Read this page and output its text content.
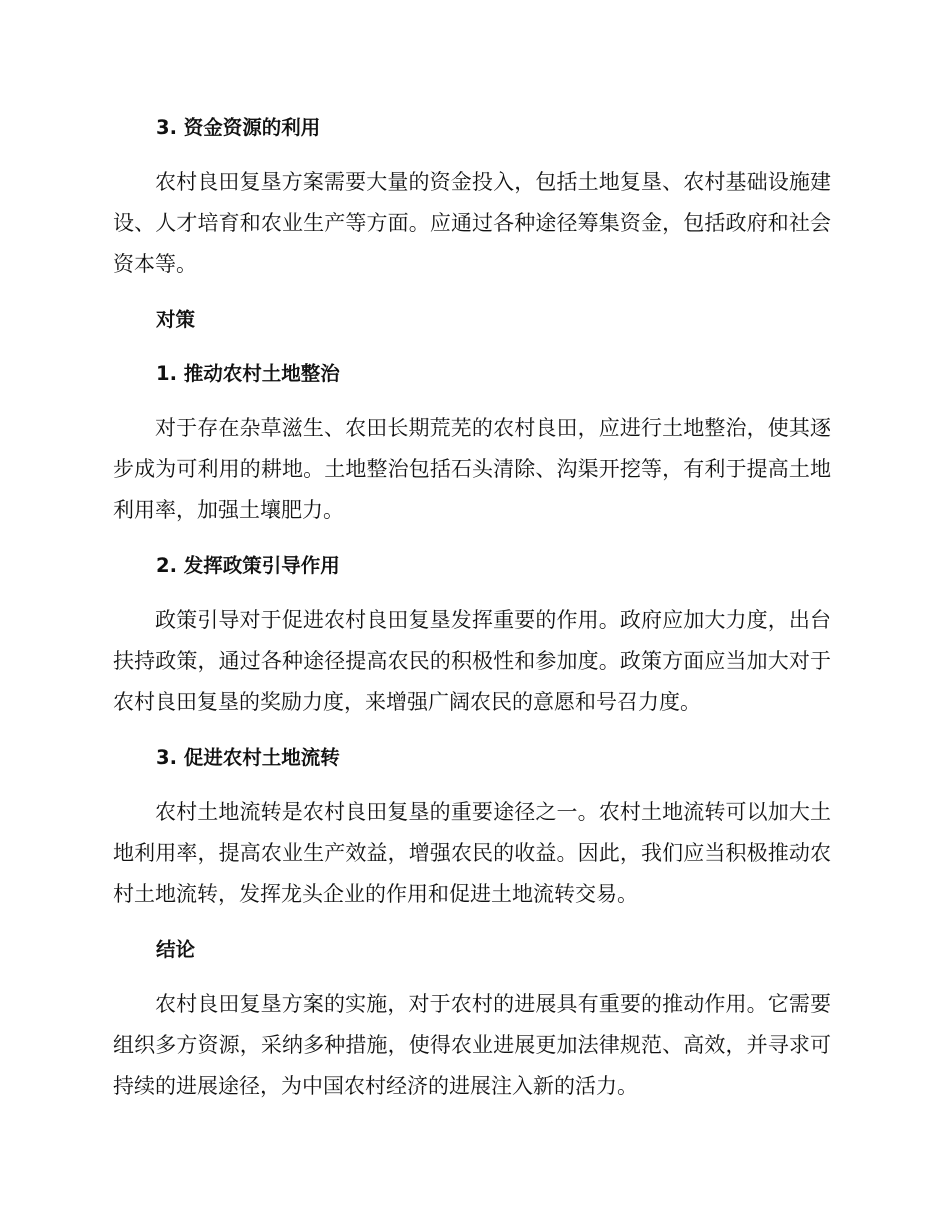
3. 资金资源的利用

农村良田复垦方案需要大量的资金投入，包括土地复垦、农村基础设施建设、人才培育和农业生产等方面。应通过各种途径筹集资金，包括政府和社会资本等。

对策
1. 推动农村土地整治

对于存在杂草滋生、农田长期荒芜的农村良田，应进行土地整治，使其逐步成为可利用的耕地。土地整治包括石头清除、沟渠开挖等，有利于提高土地利用率，加强土壤肥力。

2. 发挥政策引导作用

政策引导对于促进农村良田复垦发挥重要的作用。政府应加大力度，出台扶持政策，通过各种途径提高农民的积极性和参加度。政策方面应当加大对于农村良田复垦的奖励力度，来增强广阔农民的意愿和号召力度。

3. 促进农村土地流转

农村土地流转是农村良田复垦的重要途径之一。农村土地流转可以加大土地利用率，提高农业生产效益，增强农民的收益。因此，我们应当积极推动农村土地流转，发挥龙头企业的作用和促进土地流转交易。

结论

农村良田复垦方案的实施，对于农村的进展具有重要的推动作用。它需要组织多方资源，采纳多种措施，使得农业进展更加法律规范、高效，并寻求可持续的进展途径，为中国农村经济的进展注入新的活力。
